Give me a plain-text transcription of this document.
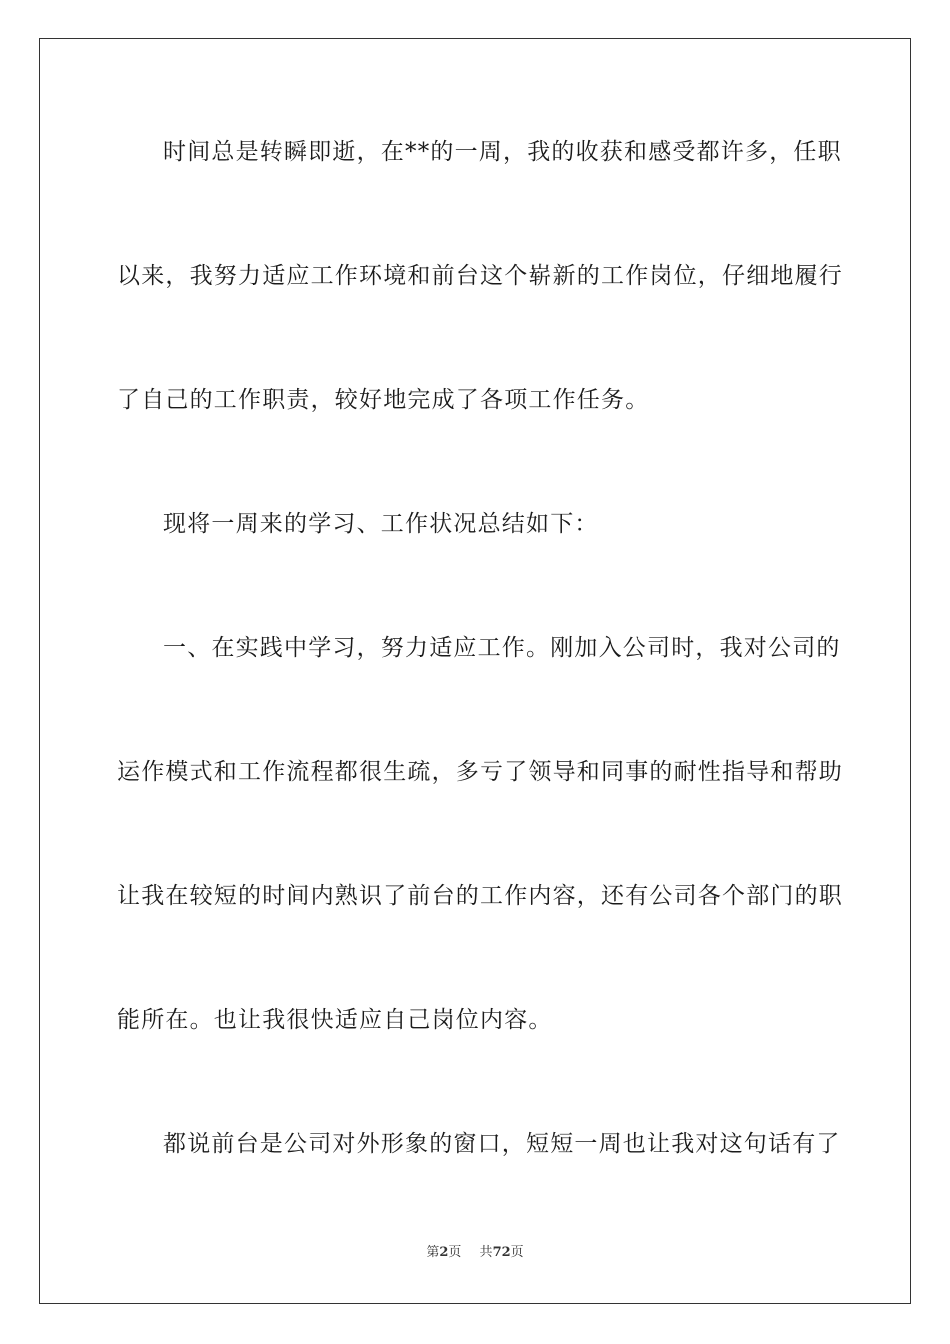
时间总是转瞬即逝，在**的一周，我的收获和感受都许多，任职

以来，我努力适应工作环境和前台这个崭新的工作岗位，仔细地履行

了自己的工作职责，较好地完成了各项工作任务。

现将一周来的学习、工作状况总结如下：

一、在实践中学习，努力适应工作。刚加入公司时，我对公司的

运作模式和工作流程都很生疏，多亏了领导和同事的耐性指导和帮助

让我在较短的时间内熟识了前台的工作内容，还有公司各个部门的职

能所在。也让我很快适应自己岗位内容。

都说前台是公司对外形象的窗口，短短一周也让我对这句话有了

第2页 共72页
